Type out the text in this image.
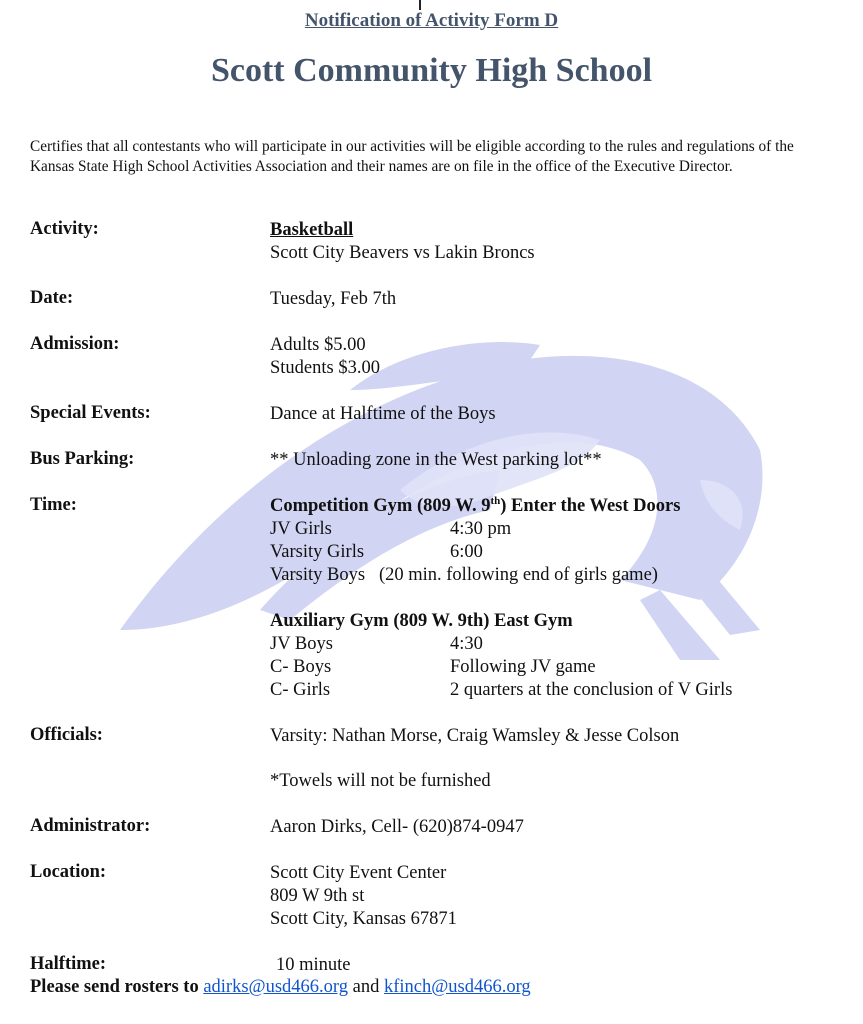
Notification of Activity Form D
Scott Community High School
Certifies that all contestants who will participate in our activities will be eligible according to the rules and regulations of the Kansas State High School Activities Association and their names are on file in the office of the Executive Director.
Activity:	Basketball
Scott City Beavers vs Lakin Broncs
Date:	Tuesday, Feb 7th
Admission:	Adults $5.00
Students $3.00
Special Events:	Dance at Halftime of the Boys
Bus Parking:	** Unloading zone in the West parking lot**
Time:	Competition Gym (809 W. 9th) Enter the West Doors
JV Girls	4:30 pm
Varsity Girls	6:00
Varsity Boys   (20 min. following end of girls game)
Auxiliary Gym (809 W. 9th) East Gym
JV Boys	4:30
C- Boys	Following JV game
C- Girls	2 quarters at the conclusion of V Girls
Officials:	Varsity: Nathan Morse, Craig Wamsley & Jesse Colson
*Towels will not be furnished
Administrator:	Aaron Dirks, Cell- (620)874-0947
Location:	Scott City Event Center
809 W 9th st
Scott City, Kansas 67871
Halftime:	10 minute
Please send rosters to adirks@usd466.org and kfinch@usd466.org
